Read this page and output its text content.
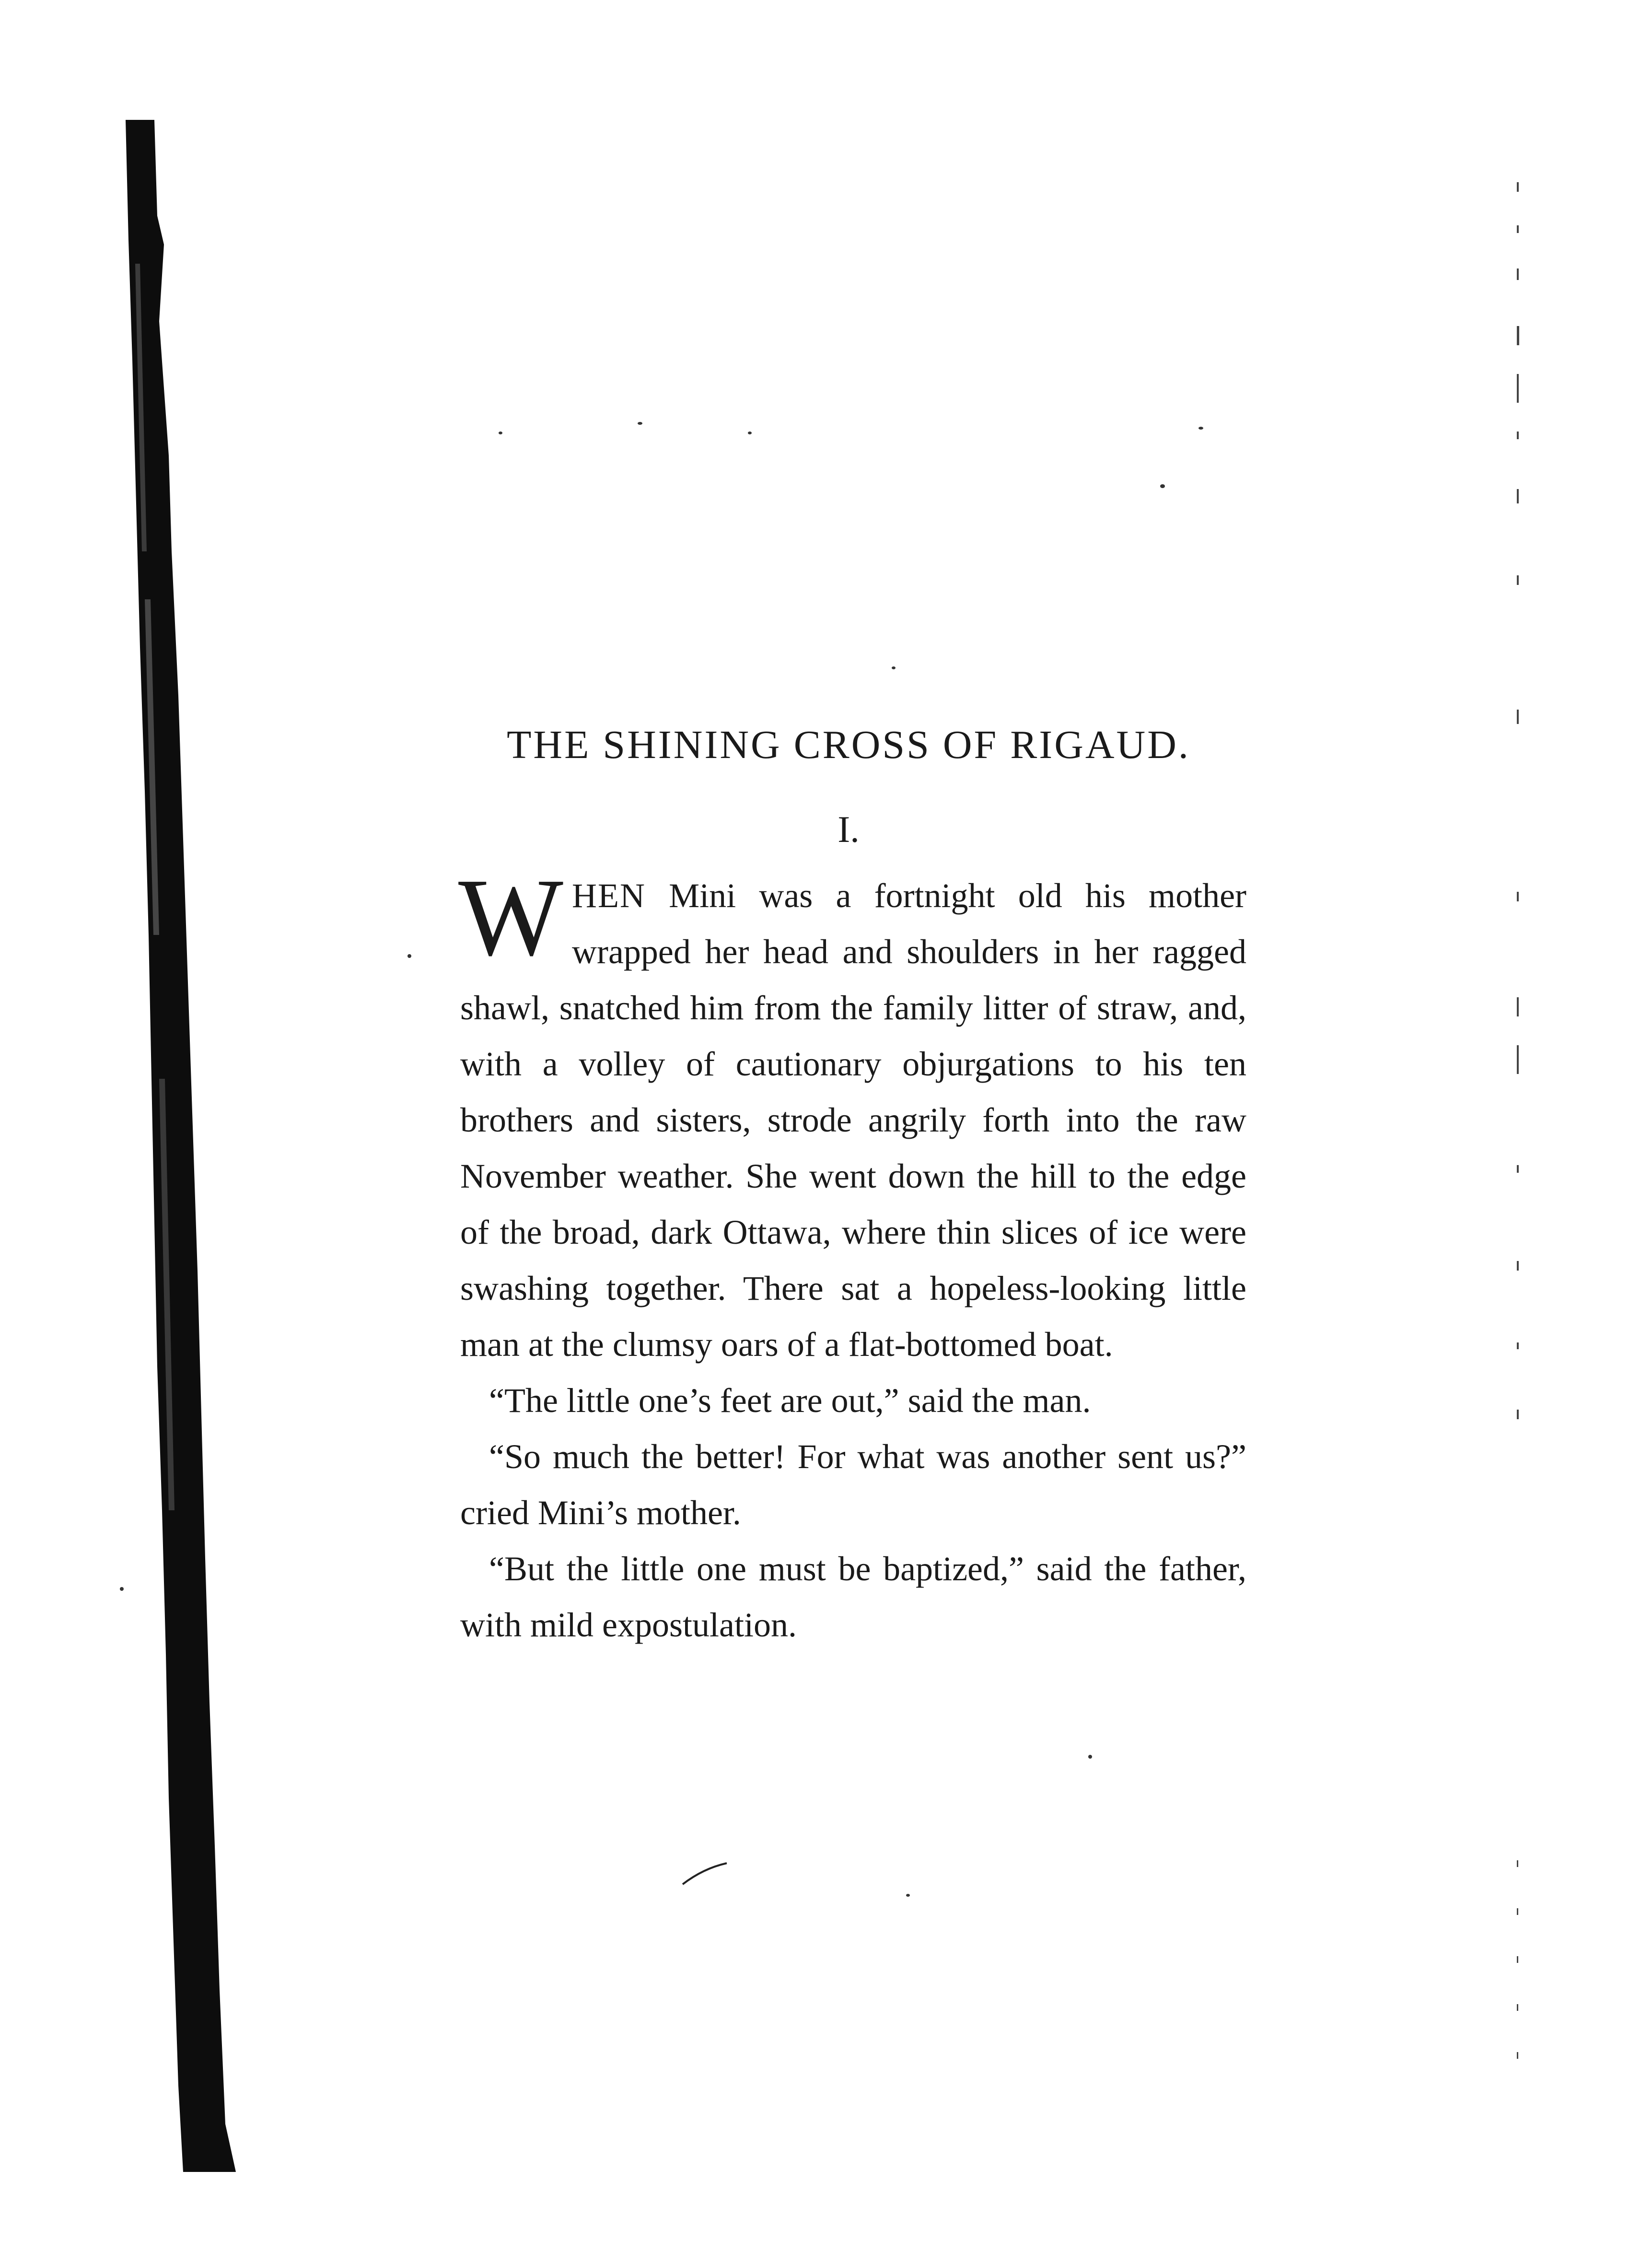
THE SHINING CROSS OF RIGAUD.
I.

WHEN Mini was a fortnight old his mother wrapped her head and shoulders in her ragged shawl, snatched him from the family litter of straw, and, with a volley of cautionary objurgations to his ten brothers and sisters, strode angrily forth into the raw November weather. She went down the hill to the edge of the broad, dark Ottawa, where thin slices of ice were swashing together. There sat a hopeless-looking little man at the clumsy oars of a flat-bottomed boat.

“The little one’s feet are out,” said the man.

“So much the better! For what was another sent us?” cried Mini’s mother.

“But the little one must be baptized,” said the father, with mild expostulation.
